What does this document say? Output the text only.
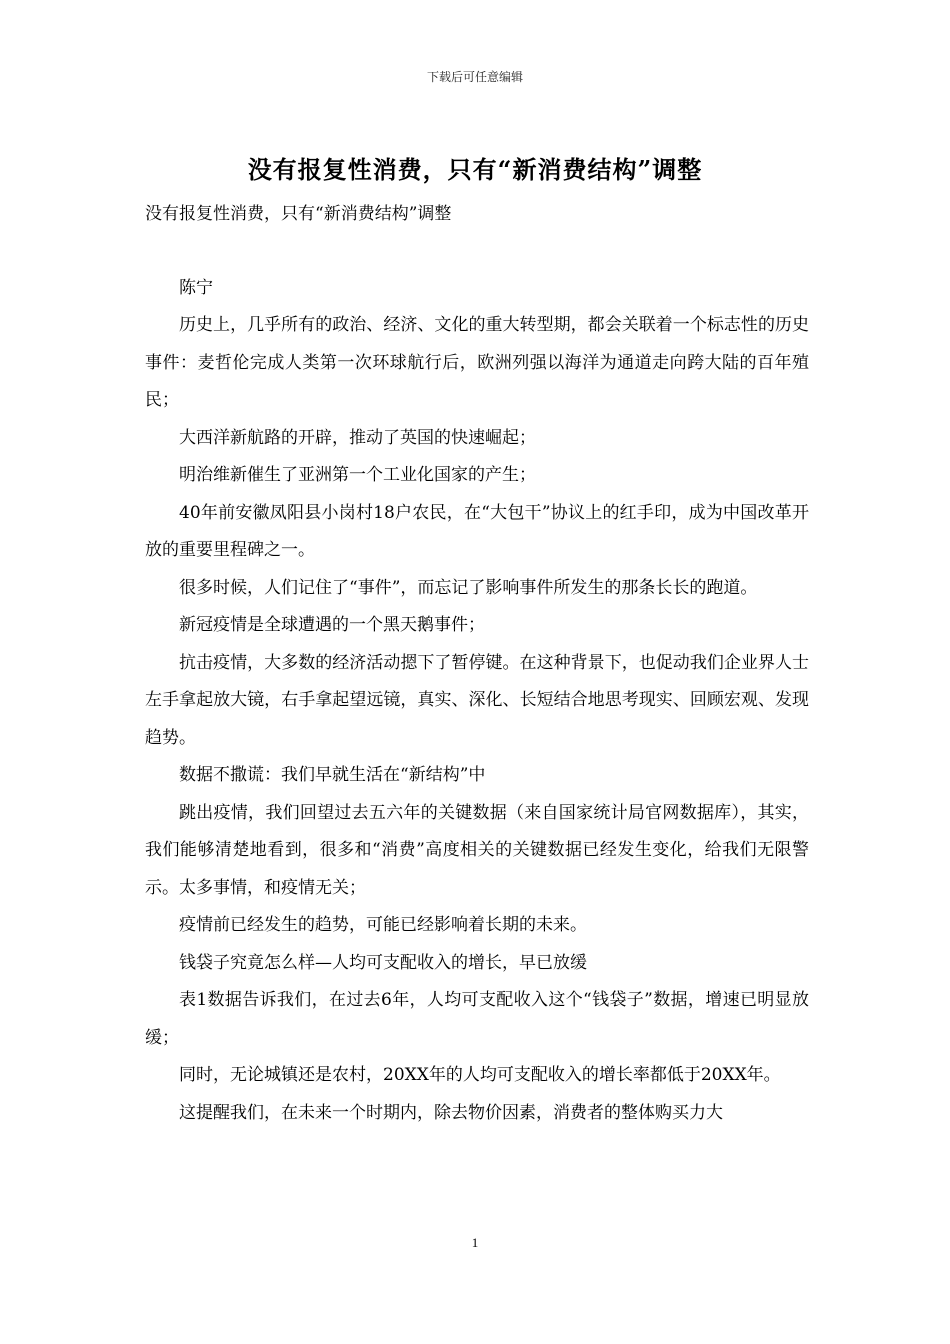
下载后可任意编辑
没有报复性消费，只有“新消费结构”调整

没有报复性消费，只有“新消费结构”调整

陈宁

历史上，几乎所有的政治、经济、文化的重大转型期，都会关联着一个标志性的历史事件：麦哲伦完成人类第一次环球航行后，欧洲列强以海洋为通道走向跨大陆的百年殖民；

大西洋新航路的开辟，推动了英国的快速崛起；

明治维新催生了亚洲第一个工业化国家的产生；

40年前安徽凤阳县小岗村18户农民，在“大包干”协议上的红手印，成为中国改革开放的重要里程碑之一。

很多时候，人们记住了“事件”，而忘记了影响事件所发生的那条长长的跑道。

新冠疫情是全球遭遇的一个黑天鹅事件；

抗击疫情，大多数的经济活动摁下了暂停键。在这种背景下，也促动我们企业界人士左手拿起放大镜，右手拿起望远镜，真实、深化、长短结合地思考现实、回顾宏观、发现趋势。

数据不撒谎：我们早就生活在“新结构”中

跳出疫情，我们回望过去五六年的关键数据（来自国家统计局官网数据库），其实，我们能够清楚地看到，很多和“消费”高度相关的关键数据已经发生变化，给我们无限警示。太多事情，和疫情无关；

疫情前已经发生的趋势，可能已经影响着长期的未来。

钱袋子究竟怎么样—人均可支配收入的增长，早已放缓

表1数据告诉我们，在过去6年，人均可支配收入这个“钱袋子”数据，增速已明显放缓；

同时，无论城镇还是农村，20XX年的人均可支配收入的增长率都低于20XX年。

这提醒我们，在未来一个时期内，除去物价因素，消费者的整体购买力大

1
